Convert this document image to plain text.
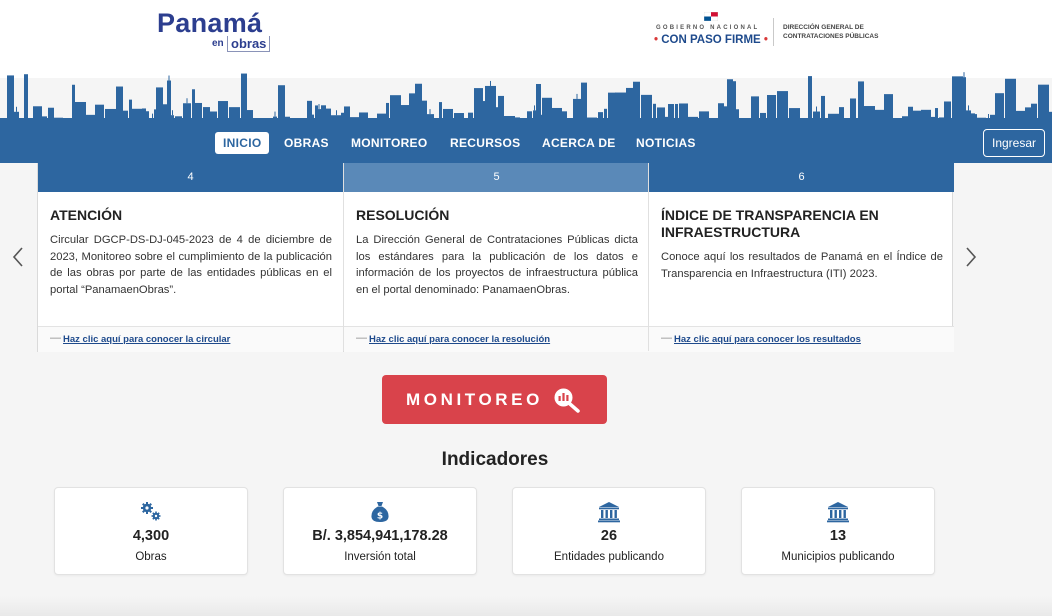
Panamá
en obras
GOBIERNO NACIONAL
• CON PASO FIRME •
DIRECCIÓN GENERAL DE
CONTRATACIONES PÚBLICAS
INICIO	OBRAS MONITOREO RECURSOS ACERCA DE NOTICIAS	Ingresar
4
ATENCIÓN
Circular DGCP-DS-DJ-045-2023 de 4 de diciembre de 2023, Monitoreo sobre el cumplimiento de la publicación de las obras por parte de las entidades públicas en el portal “PanamaenObras”.
— Haz clic aquí para conocer la circular
5
RESOLUCIÓN
La Dirección General de Contrataciones Públicas dicta los estándares para la publicación de los datos e información de los proyectos de infraestructura pública en el portal denominado: PanamaenObras.
— Haz clic aquí para conocer la resolución
6
ÍNDICE DE TRANSPARENCIA EN INFRAESTRUCTURA
Conoce aquí los resultados de Panamá en el Índice de Transparencia en Infraestructura (ITI) 2023.
— Haz clic aquí para conocer los resultados
MONITOREO
Indicadores
4,300
Obras
$
B/. 3,854,941,178.28
Inversión total
26
Entidades publicando
13
Municipios publicando
